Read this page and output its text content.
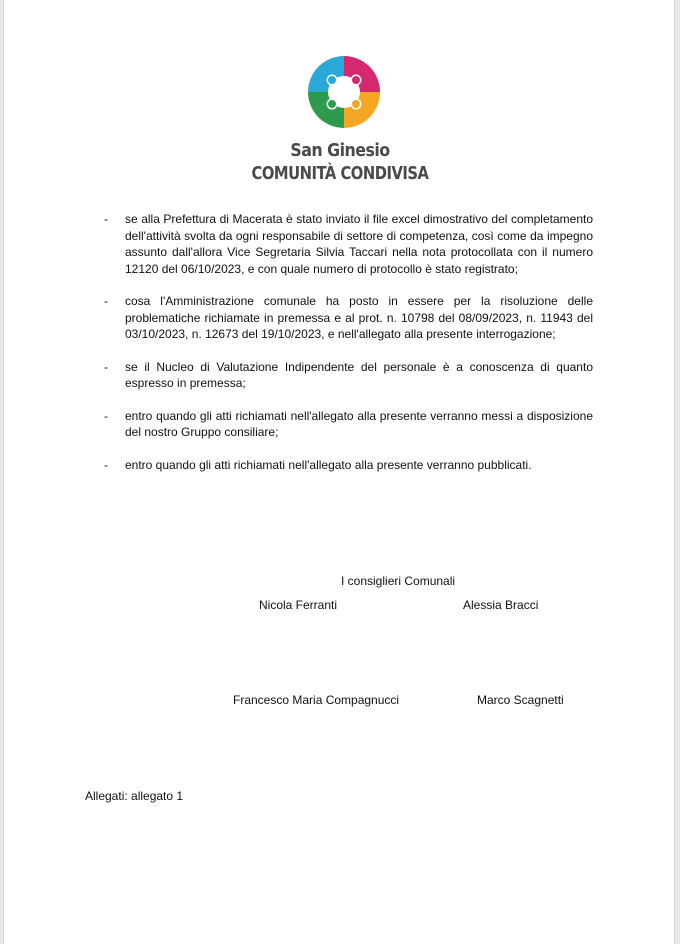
San Ginesio
COMUNITÀ CONDIVISA
- se alla Prefettura di Macerata è stato inviato il file excel dimostrativo del completamento dell'attività svolta da ogni responsabile di settore di competenza, così come da impegno assunto dall'allora Vice Segretaria Silvia Taccari nella nota protocollata con il numero 12120 del 06/10/2023, e con quale numero di protocollo è stato registrato;
- cosa l'Amministrazione comunale ha posto in essere per la risoluzione delle problematiche richiamate in premessa e al prot. n. 10798 del 08/09/2023, n. 11943 del 03/10/2023, n. 12673 del 19/10/2023, e nell'allegato alla presente interrogazione;
- se il Nucleo di Valutazione Indipendente del personale è a conoscenza di quanto espresso in premessa;
- entro quando gli atti richiamati nell'allegato alla presente verranno messi a disposizione del nostro Gruppo consiliare;
- entro quando gli atti richiamati nell'allegato alla presente verranno pubblicati.
I consiglieri Comunali
Nicola Ferranti	Alessia Bracci
Francesco Maria Compagnucci	Marco Scagnetti
Allegati: allegato 1
